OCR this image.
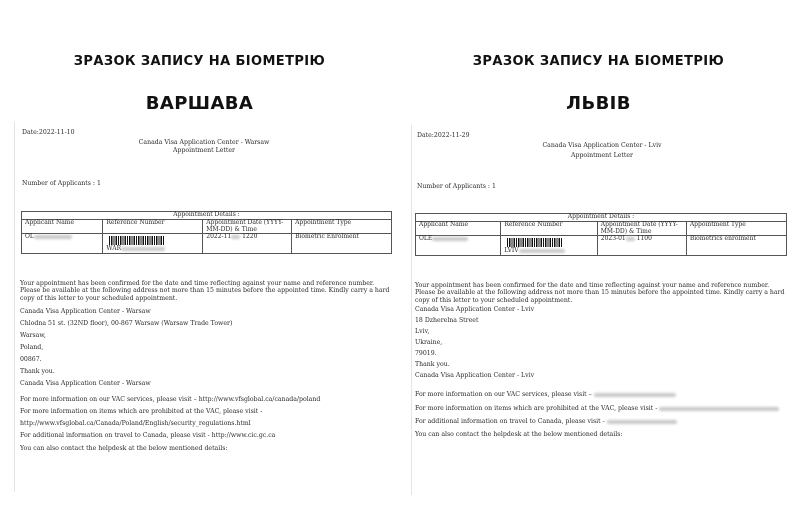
ЗРАЗОК ЗАПИСУ НА БІОМЕТРІЮ
ВАРШАВА
Date:2022-11-10
Canada Visa Application Center - Warsaw
Appointment Letter
Number of Applicants : 1
Appointment Details :			
Applicant Name	Reference Number	Appointment Date (YYYY-MM-DD) & Time	Appointment Type
OL	WAR	2022-11 1220	Biometric Enrolment
Your appointment has been confirmed for the date and time reflecting against your name and reference number. Please be available at the following address not more than 15 minutes before the appointed time. Kindly carry a hard copy of this letter to your scheduled appointment.
Canada Visa Application Center - Warsaw
Chlodna 51 st. (32ND floor), 00-867 Warsaw (Warsaw Trade Tower)
Warsaw,
Poland,
00867.
Thank you.
Canada Visa Application Center - Warsaw
For more information on our VAC services, please visit – http://www.vfsglobal.ca/canada/poland
For more information on items which are prohibited at the VAC, please visit -
http://www.vfsglobal.ca/Canada/Poland/English/security_regulations.html
For additional information on travel to Canada, please visit - http://www.cic.gc.ca
You can also contact the helpdesk at the below mentioned details:
ЗРАЗОК ЗАПИСУ НА БІОМЕТРІЮ
ЛЬВІВ
Date:2022-11-29
Canada Visa Application Center - Lviv
Appointment Letter
Number of Applicants : 1
Appointment Details :			
Applicant Name	Reference Number	Appointment Date (YYYY-MM-DD) & Time	Appointment Type
OLE	LVIV	2023-01 1100	Biometrics enrolment
Your appointment has been confirmed for the date and time reflecting against your name and reference number. Please be available at the following address not more than 15 minutes before the appointed time. Kindly carry a hard copy of this letter to your scheduled appointment.
Canada Visa Application Center - Lviv
18 Dzherelna Street
Lviv,
Ukraine,
79019.
Thank you.
Canada Visa Application Center - Lviv
For more information on our VAC services, please visit –
For more information on items which are prohibited at the VAC, please visit -
For additional information on travel to Canada, please visit -
You can also contact the helpdesk at the below mentioned details:
